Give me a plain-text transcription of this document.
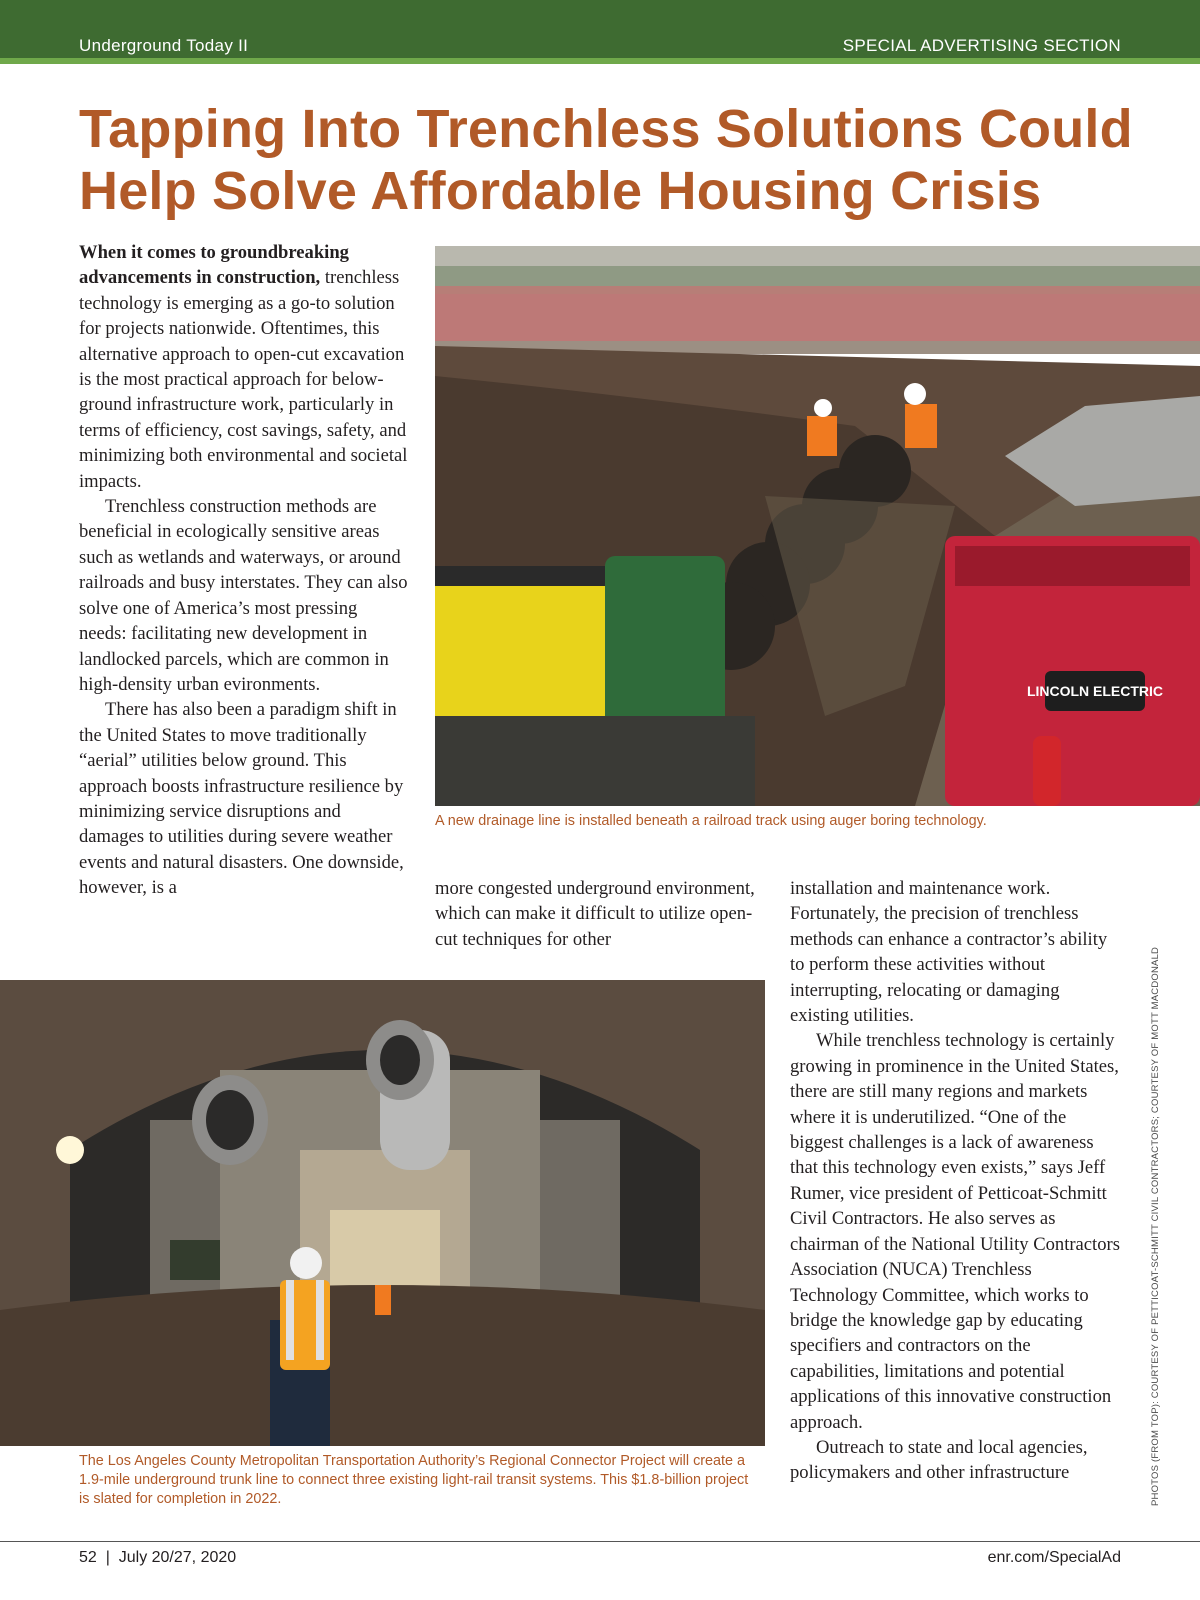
Underground Today II	SPECIAL ADVERTISING SECTION
Tapping Into Trenchless Solutions Could Help Solve Affordable Housing Crisis

When it comes to groundbreaking advancements in construction, trenchless technology is emerging as a go-to solution for projects nationwide. Oftentimes, this alternative approach to open-cut excavation is the most practical approach for below-ground infrastructure work, particularly in terms of efficiency, cost savings, safety, and minimizing both environmental and societal impacts.

Trenchless construction methods are beneficial in ecologically sensitive areas such as wetlands and waterways, or around railroads and busy interstates. They can also solve one of America’s most pressing needs: facilitating new development in landlocked parcels, which are common in high-density urban evironments.

There has also been a paradigm shift in the United States to move traditionally “aerial” utilities below ground. This approach boosts infrastructure resilience by minimizing service disruptions and damages to utilities during severe weather events and natural disasters. One downside, however, is a

LINCOLN ELECTRIC

A new drainage line is installed beneath a railroad track using auger boring technology.

more congested underground environment, which can make it difficult to utilize open-cut techniques for other

The Los Angeles County Metropolitan Transportation Authority’s Regional Connector Project will create a 1.9-mile underground trunk line to connect three existing light-rail transit systems. This $1.8-billion project is slated for completion in 2022.

installation and maintenance work. Fortunately, the precision of trenchless methods can enhance a contractor’s ability to perform these activities without interrupting, relocating or damaging existing utilities.

While trenchless technology is certainly growing in prominence in the United States, there are still many regions and markets where it is underutilized. “One of the biggest challenges is a lack of awareness that this technology even exists,” says Jeff Rumer, vice president of Petticoat-Schmitt Civil Contractors. He also serves as chairman of the National Utility Contractors Association (NUCA) Trenchless Technology Committee, which works to bridge the knowledge gap by educating specifiers and contractors on the capabilities, limitations and potential applications of this innovative construction approach.

Outreach to state and local agencies, policymakers and other infrastructure	PHOTOS (FROM TOP): COURTESY OF PETTICOAT-SCHMITT CIVIL CONTRACTORS; COURTESY OF MOTT MACDONALD
52  |  July 20/27, 2020	enr.com/SpecialAd
